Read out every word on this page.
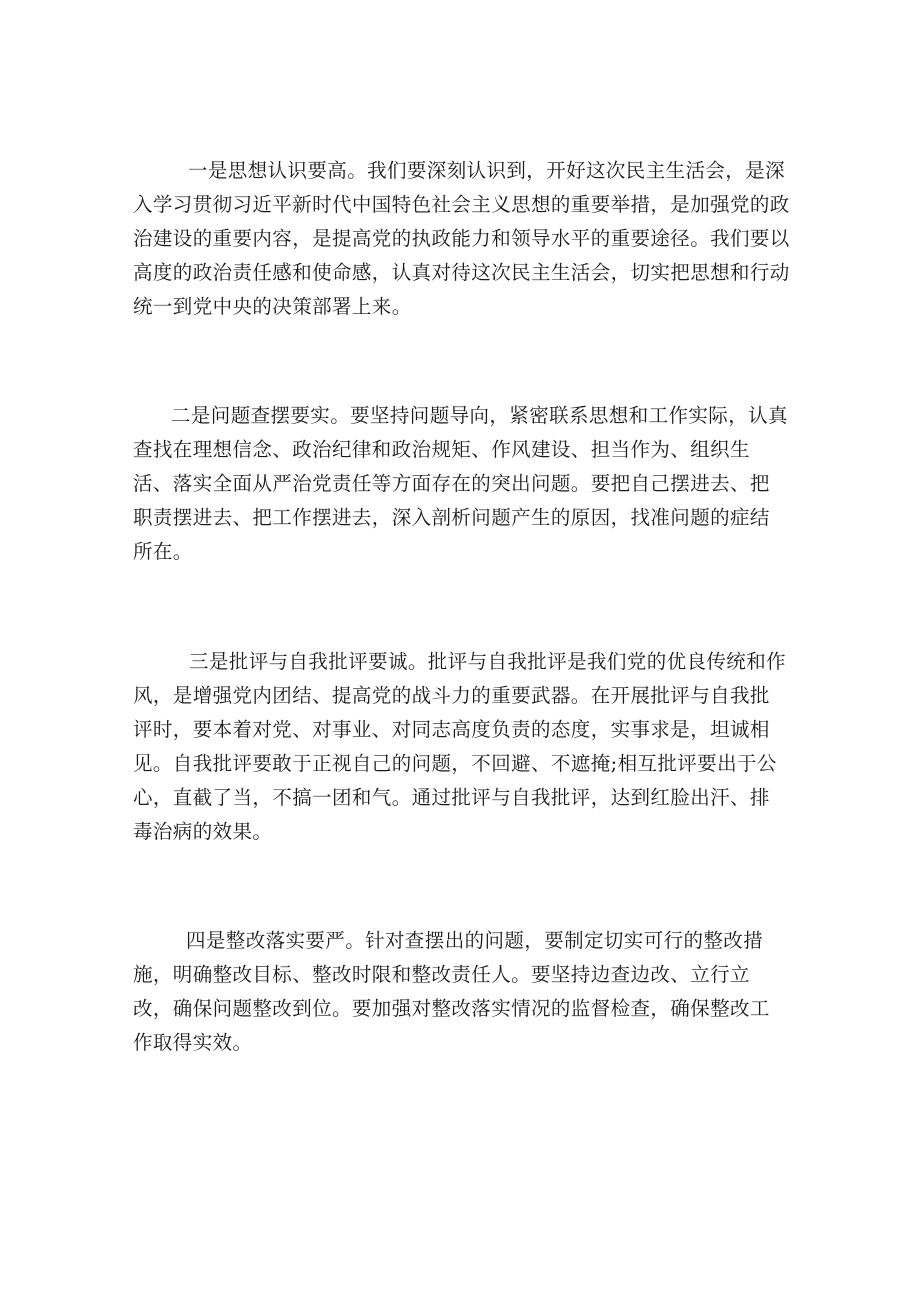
一是思想认识要高。我们要深刻认识到，开好这次民主生活会，是深
入学习贯彻习近平新时代中国特色社会主义思想的重要举措，是加强党的政
治建设的重要内容，是提高党的执政能力和领导水平的重要途径。我们要以
高度的政治责任感和使命感，认真对待这次民主生活会，切实把思想和行动
统一到党中央的决策部署上来。
二是问题查摆要实。要坚持问题导向，紧密联系思想和工作实际，认真
查找在理想信念、政治纪律和政治规矩、作风建设、担当作为、组织生
活、落实全面从严治党责任等方面存在的突出问题。要把自己摆进去、把
职责摆进去、把工作摆进去，深入剖析问题产生的原因，找准问题的症结
所在。
三是批评与自我批评要诚。批评与自我批评是我们党的优良传统和作
风，是增强党内团结、提高党的战斗力的重要武器。在开展批评与自我批
评时，要本着对党、对事业、对同志高度负责的态度，实事求是，坦诚相
见。自我批评要敢于正视自己的问题，不回避、不遮掩;相互批评要出于公
心，直截了当，不搞一团和气。通过批评与自我批评，达到红脸出汗、排
毒治病的效果。
四是整改落实要严。针对查摆出的问题，要制定切实可行的整改措
施，明确整改目标、整改时限和整改责任人。要坚持边查边改、立行立
改，确保问题整改到位。要加强对整改落实情况的监督检查，确保整改工
作取得实效。
